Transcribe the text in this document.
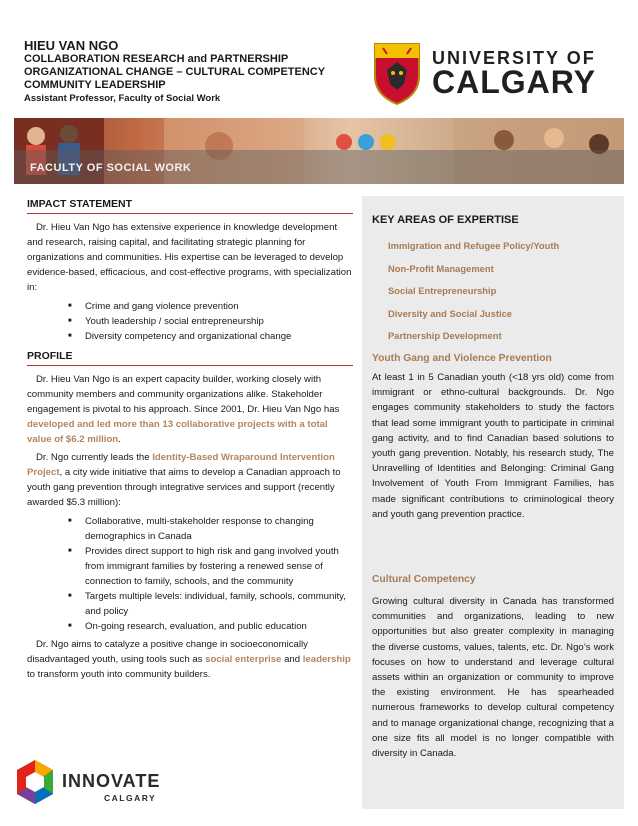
HIEU VAN NGO
COLLABORATION RESEARCH and PARTNERSHIP
ORGANIZATIONAL CHANGE – CULTURAL COMPETENCY
COMMUNITY LEADERSHIP
Assistant Professor, Faculty of Social Work
UNIVERSITY OF
CALGARY
FACULTY OF SOCIAL WORK
IMPACT STATEMENT

Dr. Hieu Van Ngo has extensive experience in knowledge development and research, raising capital, and facilitating strategic planning for organizations and communities. His expertise can be leveraged to develop evidence-based, efficacious, and cost-effective programs, with specialization in:

■ Crime and gang violence prevention
■ Youth leadership / social entrepreneurship
■ Diversity competency and organizational change
PROFILE

Dr. Hieu Van Ngo is an expert capacity builder, working closely with community members and community organizations alike. Stakeholder engagement is pivotal to his approach. Since 2001, Dr. Hieu Van Ngo has developed and led more than 13 collaborative projects with a total value of $6.2 million.

Dr. Ngo currently leads the Identity-Based Wraparound Intervention Project, a city wide initiative that aims to develop a Canadian approach to youth gang prevention through integrative services and support (recently awarded $5.3 million):

■ Collaborative, multi-stakeholder response to changing demographics in Canada
■ Provides direct support to high risk and gang involved youth from immigrant families by fostering a renewed sense of connection to family, schools, and the community
■ Targets multiple levels: individual, family, schools, community, and policy
■ On-going research, evaluation, and public education

Dr. Ngo aims to catalyze a positive change in socioeconomically disadvantaged youth, using tools such as social enterprise and leadership to transform youth into community builders.

KEY AREAS OF EXPERTISE
Immigration and Refugee Policy/Youth
Non-Profit Management
Social Entrepreneurship
Diversity and Social Justice
Partnership Development
Youth Gang and Violence Prevention

At least 1 in 5 Canadian youth (<18 yrs old) come from immigrant or ethno-cultural backgrounds. Dr. Ngo engages community stakeholders to study the factors that lead some immigrant youth to participate in criminal gang activity, and to find Canadian based solutions to youth gang prevention. Notably, his research study, The Unravelling of Identities and Belonging: Criminal Gang Involvement of Youth From Immigrant Families, has made significant contributions to criminological theory and youth gang prevention practice.

Cultural Competency

Growing cultural diversity in Canada has transformed communities and organizations, leading to new opportunities but also greater complexity in managing the diverse customs, values, talents, etc. Dr. Ngo’s work focuses on how to understand and leverage cultural assets within an organization or community to improve the existing environment. He has spearheaded numerous frameworks to develop cultural competency and to manage organizational change, recognizing that a one size fits all model is no longer compatible with diversity in Canada.

INNOVATE
CALGARY
